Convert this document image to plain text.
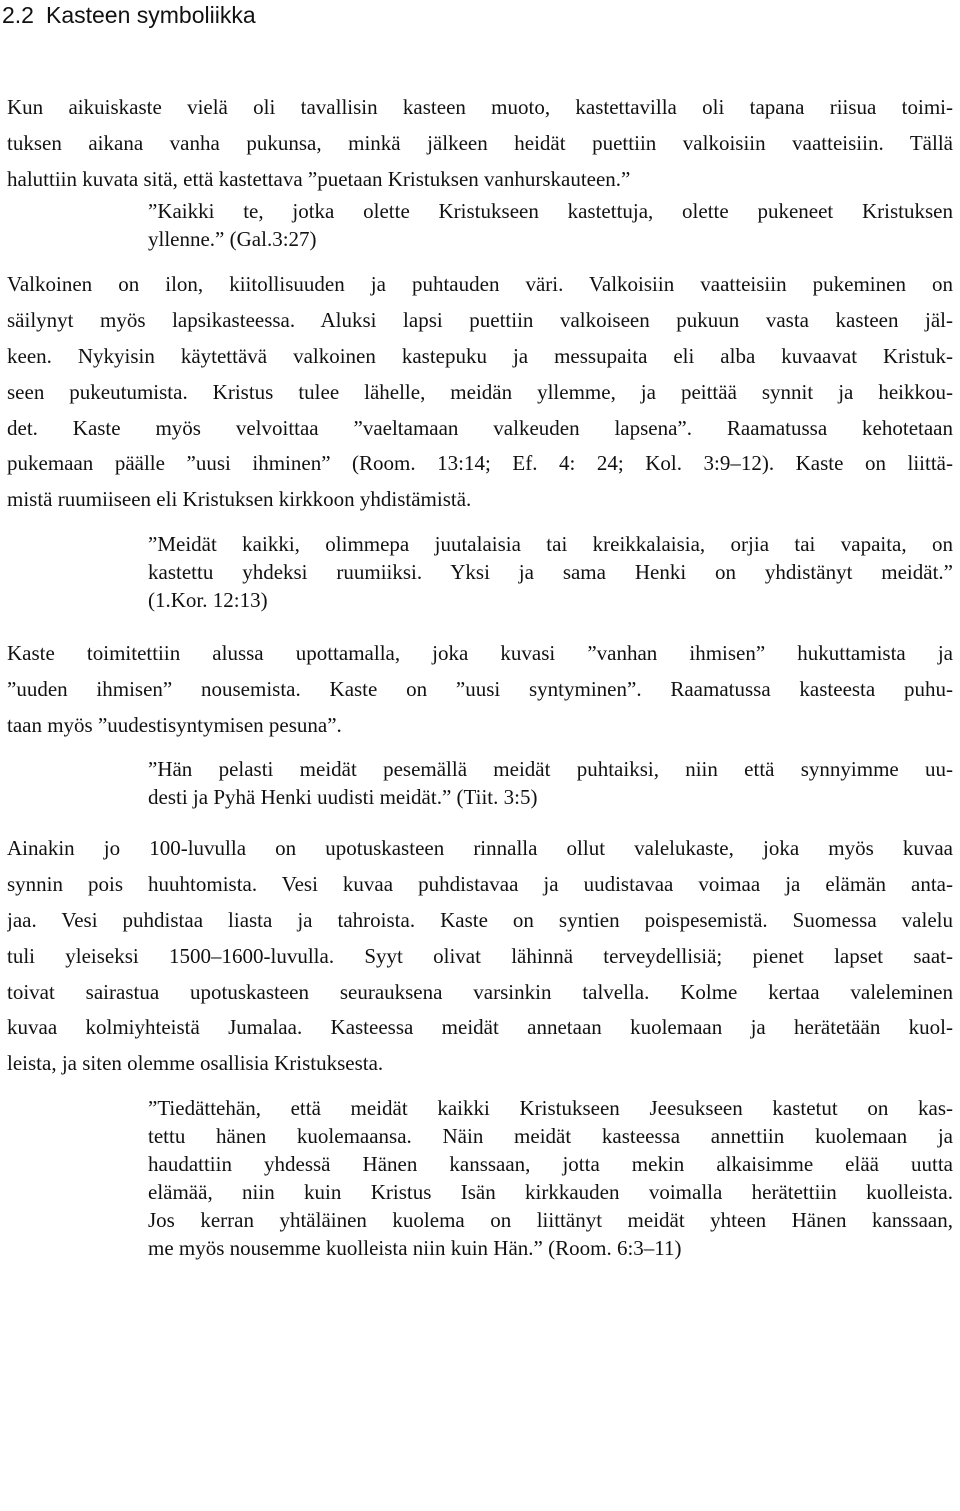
2.2 Kasteen symboliikka
Kun aikuiskaste vielä oli tavallisin kasteen muoto, kastettavilla oli tapana riisua toimi-
tuksen aikana vanha pukunsa, minkä jälkeen heidät puettiin valkoisiin vaatteisiin. Tällä
haluttiin kuvata sitä, että kastettava ”puetaan Kristuksen vanhurskauteen.”
”Kaikki te, jotka olette Kristukseen kastettuja, olette pukeneet Kristuksen
yllenne.” (Gal.3:27)
Valkoinen on ilon, kiitollisuuden ja puhtauden väri. Valkoisiin vaatteisiin pukeminen on
säilynyt myös lapsikasteessa. Aluksi lapsi puettiin valkoiseen pukuun vasta kasteen jäl-
keen. Nykyisin käytettävä valkoinen kastepuku ja messupaita eli alba kuvaavat Kristuk-
seen pukeutumista. Kristus tulee lähelle, meidän yllemme, ja peittää synnit ja heikkou-
det. Kaste myös velvoittaa ”vaeltamaan valkeuden lapsena”. Raamatussa kehotetaan
pukemaan päälle ”uusi ihminen” (Room. 13:14; Ef. 4: 24; Kol. 3:9–12). Kaste on liittä-
mistä ruumiiseen eli Kristuksen kirkkoon yhdistämistä.
”Meidät kaikki, olimmepa juutalaisia tai kreikkalaisia, orjia tai vapaita, on
kastettu yhdeksi ruumiiksi. Yksi ja sama Henki on yhdistänyt meidät.”
(1.Kor. 12:13)
Kaste toimitettiin alussa upottamalla, joka kuvasi ”vanhan ihmisen” hukuttamista ja
”uuden ihmisen” nousemista. Kaste on ”uusi syntyminen”. Raamatussa kasteesta puhu-
taan myös ”uudestisyntymisen pesuna”.
”Hän pelasti meidät pesemällä meidät puhtaiksi, niin että synnyimme uu-
desti ja Pyhä Henki uudisti meidät.” (Tiit. 3:5)
Ainakin jo 100-luvulla on upotuskasteen rinnalla ollut valelukaste, joka myös kuvaa
synnin pois huuhtomista. Vesi kuvaa puhdistavaa ja uudistavaa voimaa ja elämän anta-
jaa. Vesi puhdistaa liasta ja tahroista. Kaste on syntien poispesemistä. Suomessa valelu
tuli yleiseksi 1500–1600-luvulla. Syyt olivat lähinnä terveydellisiä; pienet lapset saat-
toivat sairastua upotuskasteen seurauksena varsinkin talvella. Kolme kertaa valeleminen
kuvaa kolmiyhteistä Jumalaa. Kasteessa meidät annetaan kuolemaan ja herätetään kuol-
leista, ja siten olemme osallisia Kristuksesta.
”Tiedättehän, että meidät kaikki Kristukseen Jeesukseen kastetut on kas-
tettu hänen kuolemaansa. Näin meidät kasteessa annettiin kuolemaan ja
haudattiin yhdessä Hänen kanssaan, jotta mekin alkaisimme elää uutta
elämää, niin kuin Kristus Isän kirkkauden voimalla herätettiin kuolleista.
Jos kerran yhtäläinen kuolema on liittänyt meidät yhteen Hänen kanssaan,
me myös nousemme kuolleista niin kuin Hän.” (Room. 6:3–11)
